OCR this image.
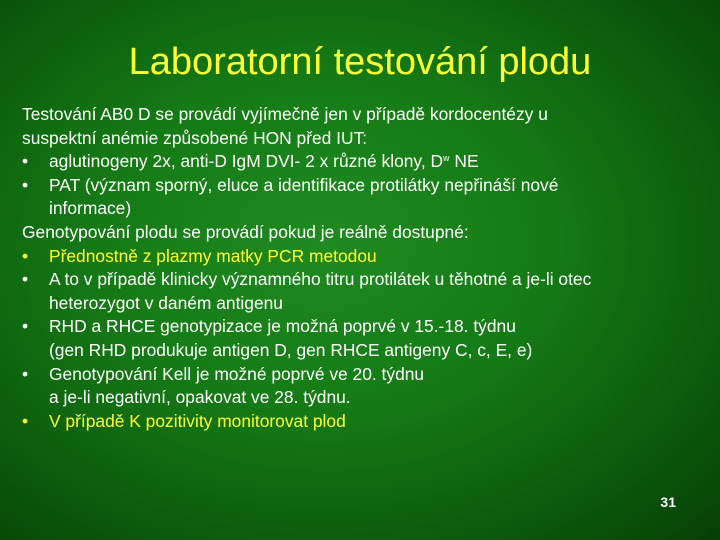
Laboratorní testování plodu
Testování AB0 D se provádí vyjímečně jen v případě kordocentézy u
suspektní anémie způsobené HON před IUT:
• aglutinogeny 2x, anti-D IgM DVI- 2 x různé klony, $D^w$ NE
• PAT (význam sporný, eluce a identifikace protilátky nepřináší nové
informace)
Genotypování plodu se provádí pokud je reálně dostupné:
• Přednostně z plazmy matky PCR metodou
• A to v případě klinicky významného titru protilátek u těhotné a je-li otec
heterozygot v daném antigenu
• RHD a RHCE genotypizace je možná poprvé v 15.-18. týdnu
(gen RHD produkuje antigen D, gen RHCE antigeny C, c, E, e)
• Genotypování Kell je možné poprvé ve 20. týdnu
a je-li negativní, opakovat ve 28. týdnu.
• V případě K pozitivity monitorovat plod
31
